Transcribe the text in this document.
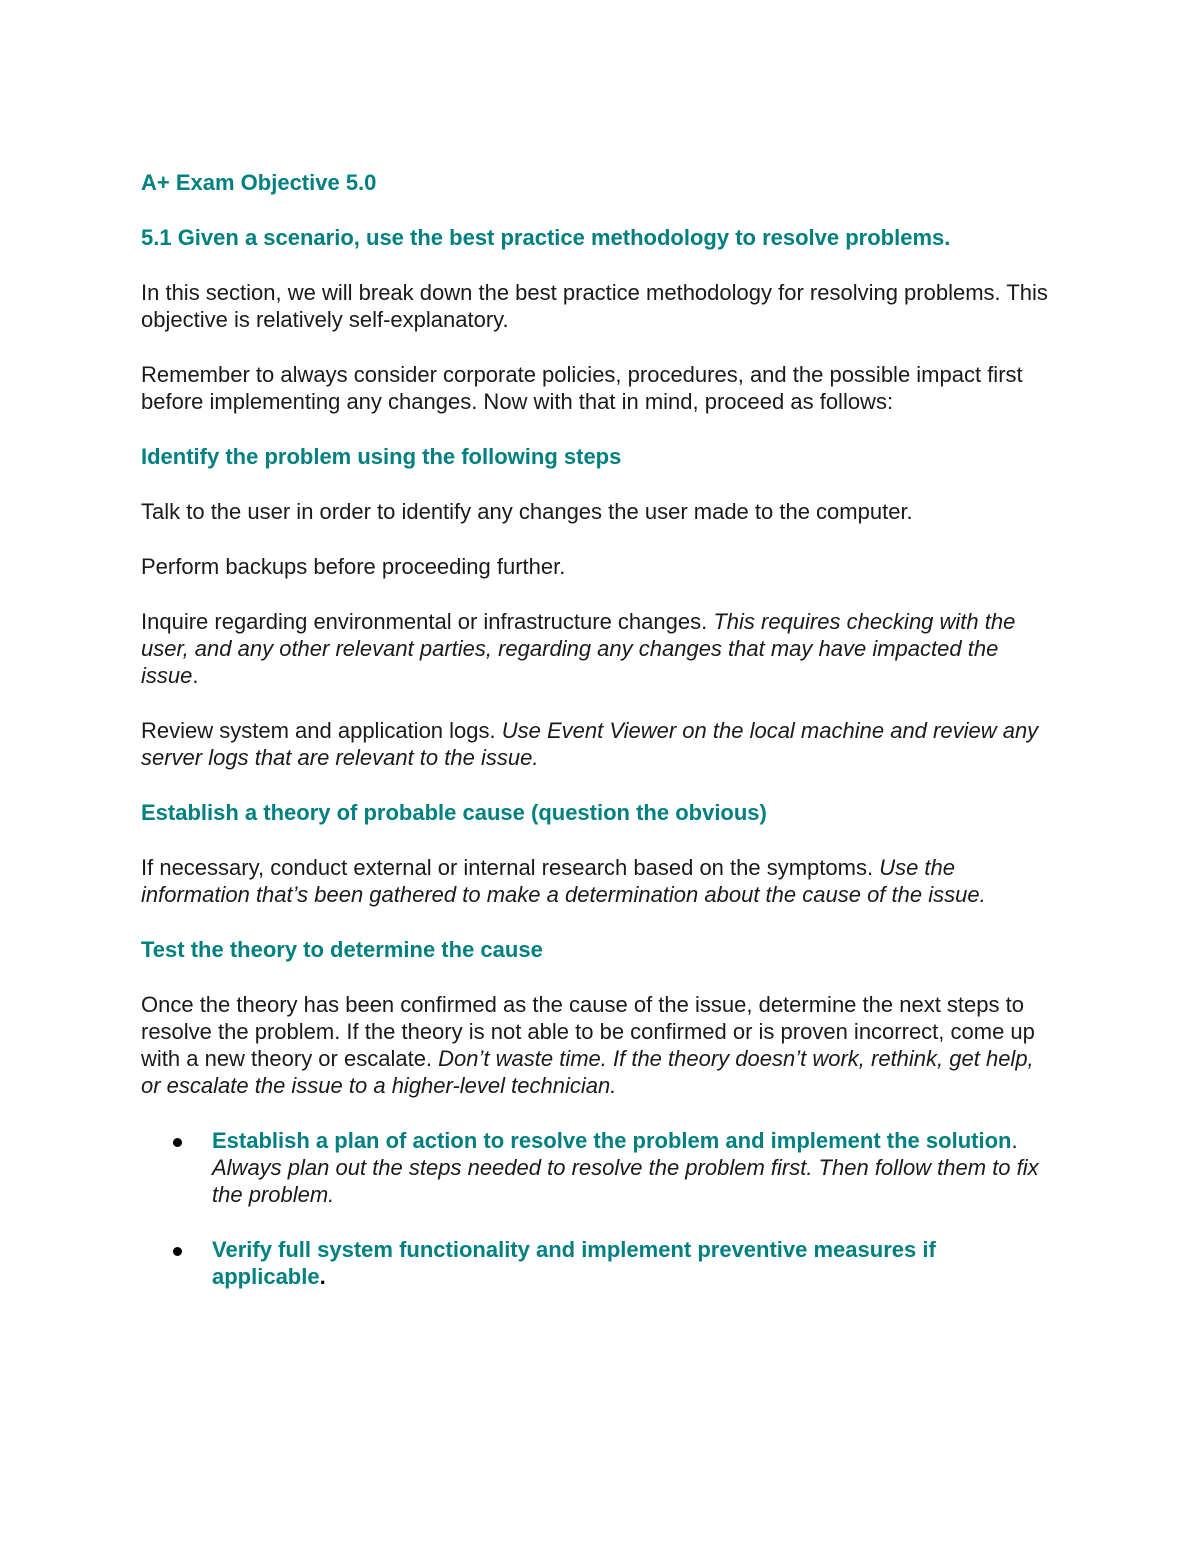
A+ Exam Objective 5.0
5.1 Given a scenario, use the best practice methodology to resolve problems.

In this section, we will break down the best practice methodology for resolving problems. This objective is relatively self-explanatory.

Remember to always consider corporate policies, procedures, and the possible impact first before implementing any changes. Now with that in mind, proceed as follows:

Identify the problem using the following steps

Talk to the user in order to identify any changes the user made to the computer.

Perform backups before proceeding further.

Inquire regarding environmental or infrastructure changes. This requires checking with the user, and any other relevant parties, regarding any changes that may have impacted the issue.

Review system and application logs. Use Event Viewer on the local machine and review any server logs that are relevant to the issue.

Establish a theory of probable cause (question the obvious)

If necessary, conduct external or internal research based on the symptoms. Use the information that’s been gathered to make a determination about the cause of the issue.

Test the theory to determine the cause

Once the theory has been confirmed as the cause of the issue, determine the next steps to resolve the problem. If the theory is not able to be confirmed or is proven incorrect, come up with a new theory or escalate. Don’t waste time. If the theory doesn’t work, rethink, get help, or escalate the issue to a higher-level technician.

Establish a plan of action to resolve the problem and implement the solution. Always plan out the steps needed to resolve the problem first. Then follow them to fix the problem.
Verify full system functionality and implement preventive measures if applicable.
